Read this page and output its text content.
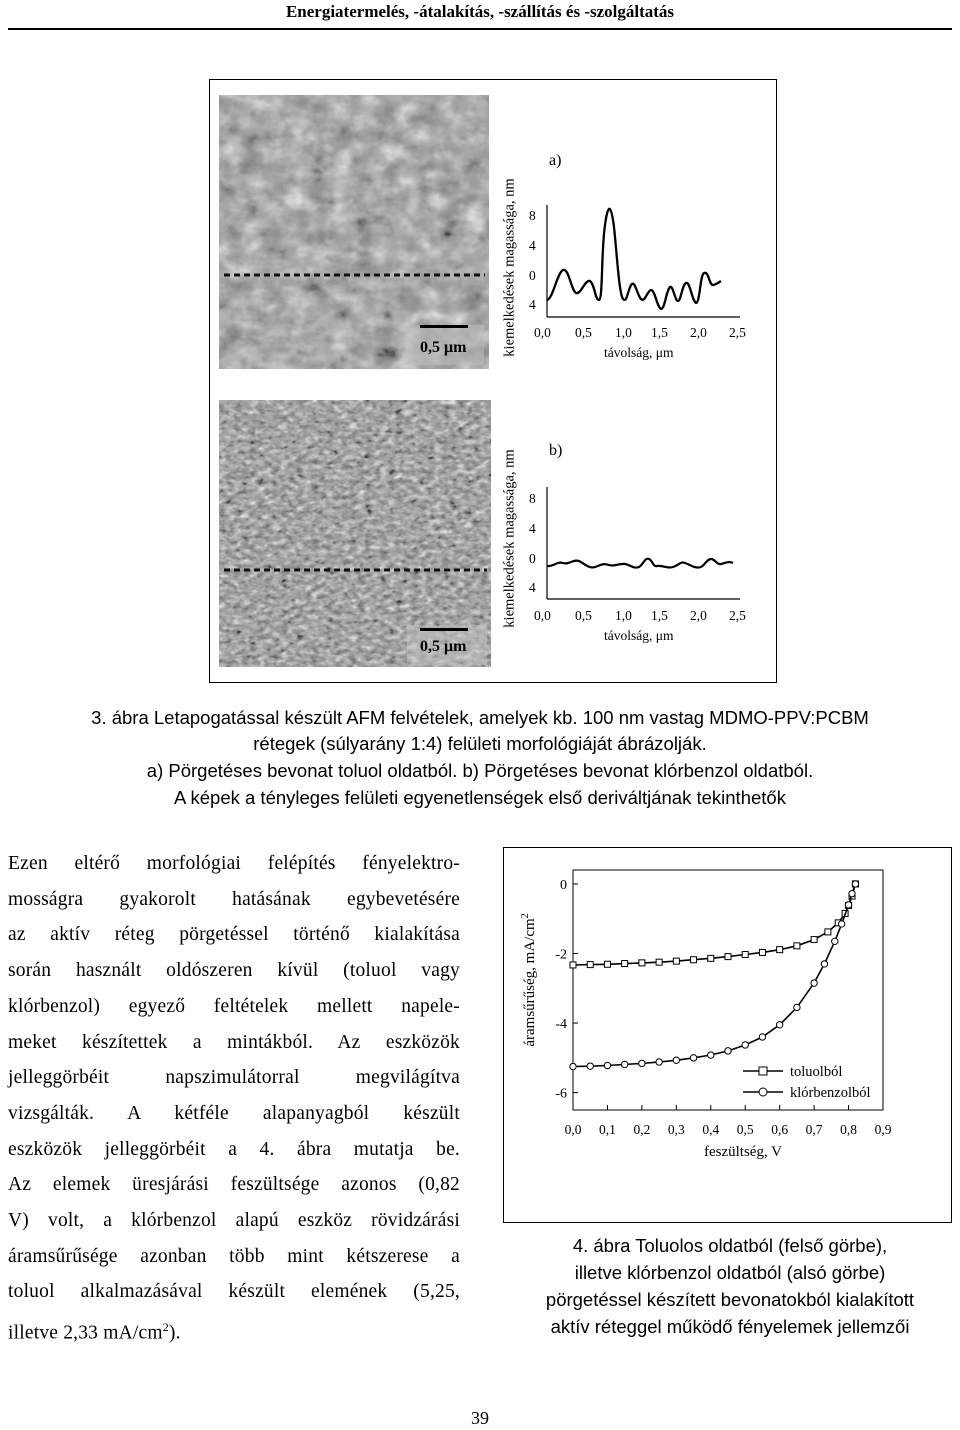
Energiatermelés, -átalakítás, -szállítás és -szolgáltatás
0,5 μm
0,5 μm
kiemelkedések magassága, nm
a)
8
4
0
4
0,0 0,5 1,0 1,5 2,0 2,5
távolság, μm
kiemelkedések magassága, nm b)
8
4
0
4
0,0 0,5 1,0 1,5 2,0 2,5
távolság, μm
3. ábra Letapogatással készült AFM felvételek, amelyek kb. 100 nm vastag MDMO-PPV:PCBM
rétegek (súlyarány 1:4) felületi morfológiáját ábrázolják.
a) Pörgetéses bevonat toluol oldatból. b) Pörgetéses bevonat klórbenzol oldatból.
A képek a tényleges felületi egyenetlenségek első deriváltjának tekinthetők
Ezen eltérő morfológiai felépítés fényelektro-
mosságra gyakorolt hatásának egybevetésére
az aktív réteg pörgetéssel történő kialakítása
során használt oldószeren kívül (toluol vagy
klórbenzol) egyező feltételek mellett napele-
meket készítettek a mintákból. Az eszközök
jelleggörbéit napszimulátorral megvilágítva
vizsgálták. A kétféle alapanyagból készült
eszközök jelleggörbéit a 4. ábra mutatja be.
Az elemek üresjárási feszültsége azonos (0,82
V) volt, a klórbenzol alapú eszköz rövidzárási
áramsűrűsége azonban több mint kétszerese a
toluol alkalmazásával készült elemének (5,25,
illetve 2,33 $mA/cm^2$).
0
-2
-4
-6
0,0 0,1 0,2 0,3 0,4 0,5 0,6 0,7 0,8 0,9
feszültség, V
áramsűrűség, $mA/cm^2$
toluolból
klórbenzolból
4. ábra Toluolos oldatból (felső görbe),
illetve klórbenzol oldatból (alsó görbe)
pörgetéssel készített bevonatokból kialakított
aktív réteggel működő fényelemek jellemzői
39
